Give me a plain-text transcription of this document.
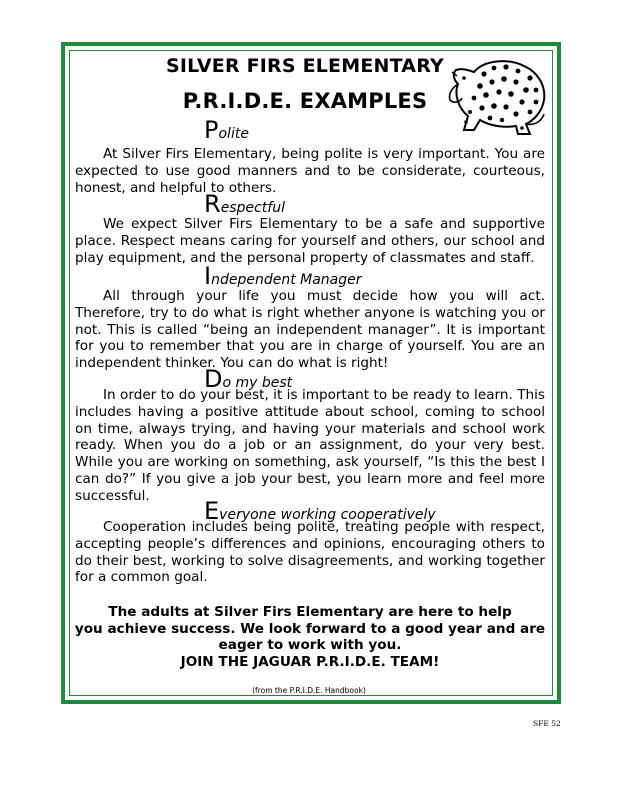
SILVER FIRS ELEMENTARY
P.R.I.D.E. EXAMPLES
Polite

At Silver Firs Elementary, being polite is very important. You are expected to use good manners and to be considerate, courteous, honest, and helpful to others.

Respectful

We expect Silver Firs Elementary to be a safe and supportive place. Respect means caring for yourself and others, our school and play equipment, and the personal property of classmates and staff.

Independent Manager

All through your life you must decide how you will act. Therefore, try to do what is right whether anyone is watching you or not. This is called “being an independent manager”. It is important for you to remember that you are in charge of yourself. You are an independent thinker. You can do what is right!

Do my best

In order to do your best, it is important to be ready to learn. This includes having a positive attitude about school, coming to school on time, always trying, and having your materials and school work ready. When you do a job or an assignment, do your very best. While you are working on something, ask yourself, “Is this the best I can do?” If you give a job your best, you learn more and feel more successful.

Everyone working cooperatively

Cooperation includes being polite, treating people with respect, accepting people’s differences and opinions, encouraging others to do their best, working to solve disagreements, and working together for a common goal.

The adults at Silver Firs Elementary are here to help
you achieve success. We look forward to a good year and are
eager to work with you.
JOIN THE JAGUAR P.R.I.D.E. TEAM!
(from the P.R.I.D.E. Handbook)
SFE 52
